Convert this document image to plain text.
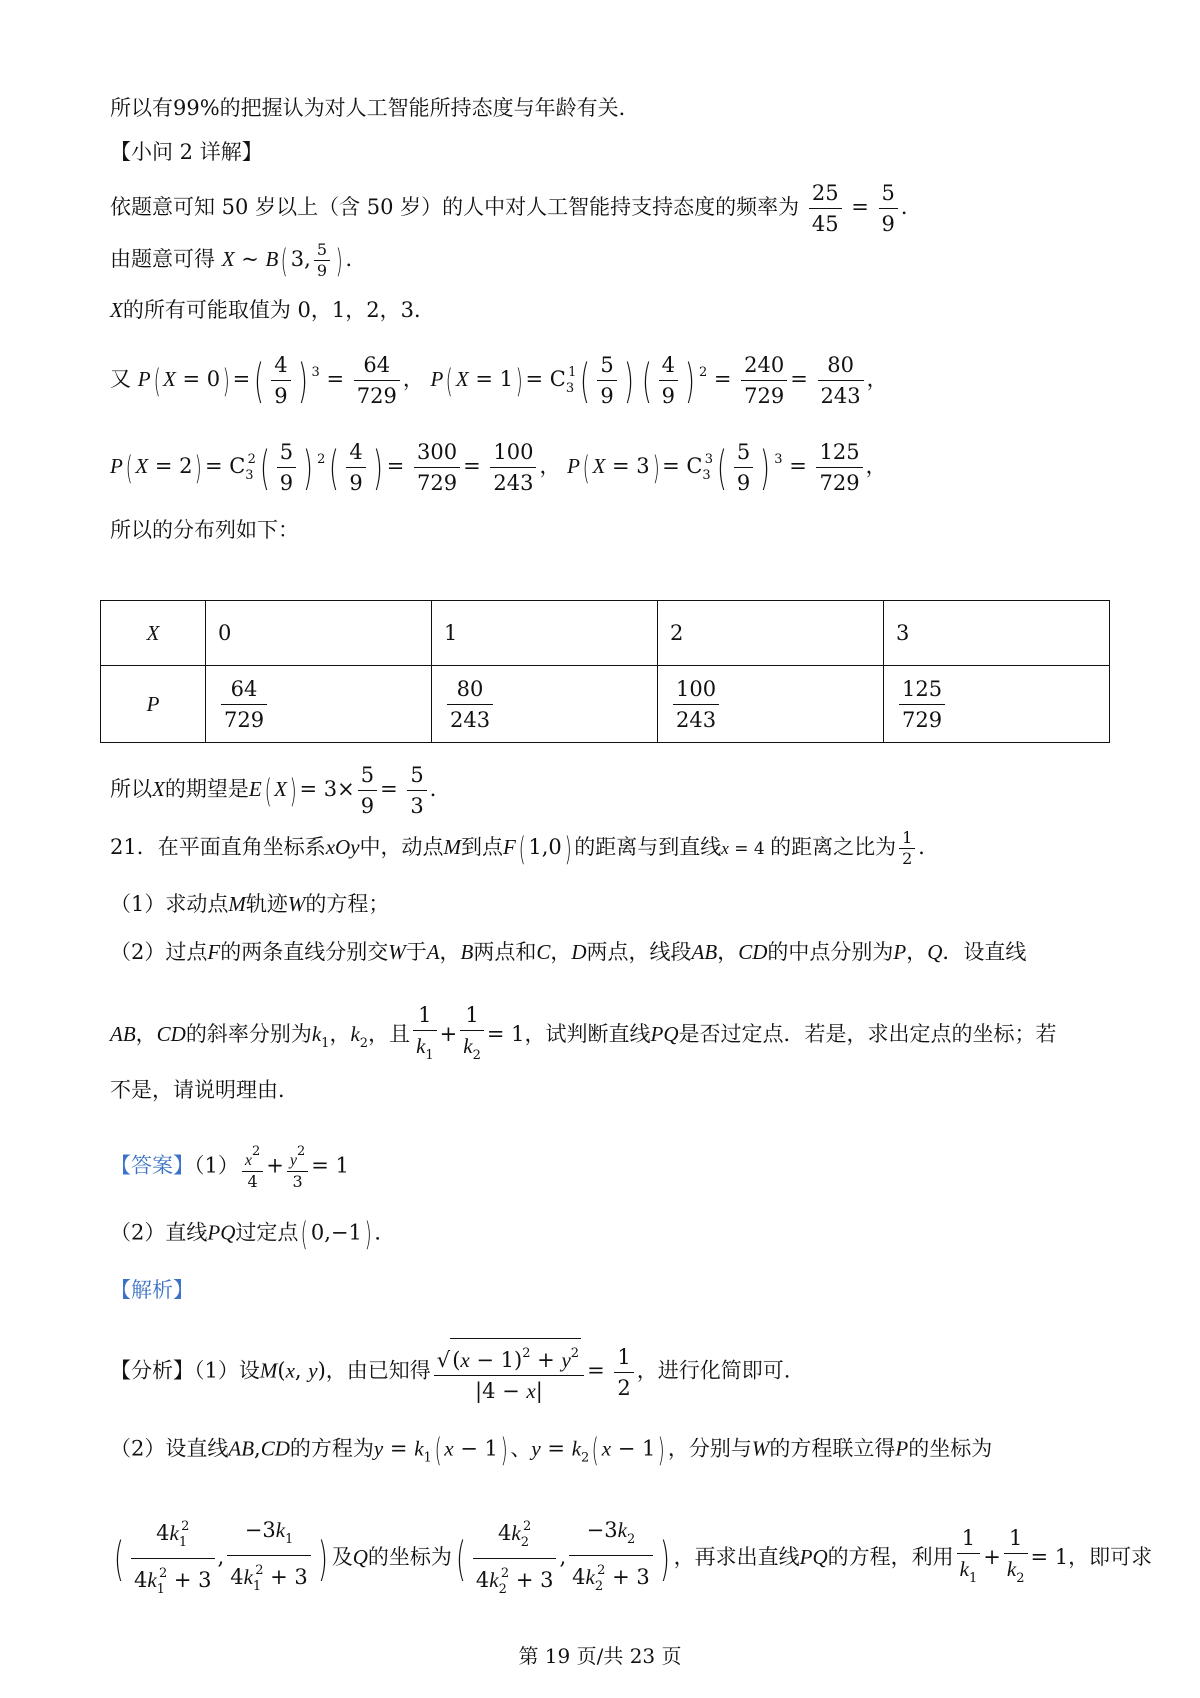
所以有99%的把握认为对人工智能所持态度与年龄有关．
【小问 2 详解】
依题意可知 50 岁以上（含 50 岁）的人中对人工智能持支持态度的频率为 $\frac{25}{45} = \frac{5}{9}$ ．
由题意可得 X ~ B( 3, $\frac{5}{9}$ ) ．
X的所有可能取值为 0，1，2，3．
又 P( X = 0) =( $\frac{4}{9}$ ) $^3 = \frac{64}{729}$ ， P( $X = 1) = C_3^1( \frac{5}{9}$ ) ( $\frac{4}{9}$ ) $^2 = \frac{240}{729} = \frac{80}{243}$ ，
P( $X = 2) = C_3^2( \frac{5}{9}$ ) $^2( \frac{4}{9}$ ) = $\frac{300}{729} = \frac{100}{243}$ ， P( $X = 3) = C_3^3( \frac{5}{9}$ ) $^3 = \frac{125}{729}$ ，
所以的分布列如下：
X	0	1	2	3
P	$\frac{64}{729}$	$\frac{80}{243}$	$\frac{100}{243}$	$\frac{125}{729}$
所以X的期望是E( $X) = 3\times \frac{5}{9} = \frac{5}{3}$ ．
21．在平面直角坐标系xOy中，动点M到点F( 1,0) 的距离与到直线x = 4 的距离之比为 $\frac{1}{2}$ ．
（1）求动点M轨迹W的方程；
（2）过点F的两条直线分别交W于A，B两点和C，D两点，线段AB，CD的中点分别为P，Q．设直线
AB，CD的斜率分别为$k_1$，$k_2$，且 $\frac{1}{k_1} + \frac{1}{k_2} = 1$，试判断直线PQ是否过定点．若是，求出定点的坐标；若
不是，请说明理由．
【答案】$(1) \frac{x^2}{4} + \frac{y^2}{3} = 1$
（2）直线PQ过定点( 0,−1) ．
【解析】
【分析】（1）设M(x, y)，由已知得 $\frac{√(x - 1)^2 + y^2}{|4 - x|} = \frac{1}{2}$ ，进行化简即可.
（2）设直线AB,CD的方程为$y = k_1$( x − 1) 、$y = k_2$( x − 1) ，分别与W的方程联立得P的坐标为
( $\frac{4k_1^2}{4k_1^2 + 3}$ , $\frac{-3k_1}{4k_1^2 + 3}$ ) 及Q的坐标为( $\frac{4k_2^2}{4k_2^2 + 3}$ , $\frac{-3k_2}{4k_2^2 + 3}$ ) ，再求出直线PQ的方程，利用 $\frac{1}{k_1} + \frac{1}{k_2} = 1$，即可求
第 19 页/共 23 页
